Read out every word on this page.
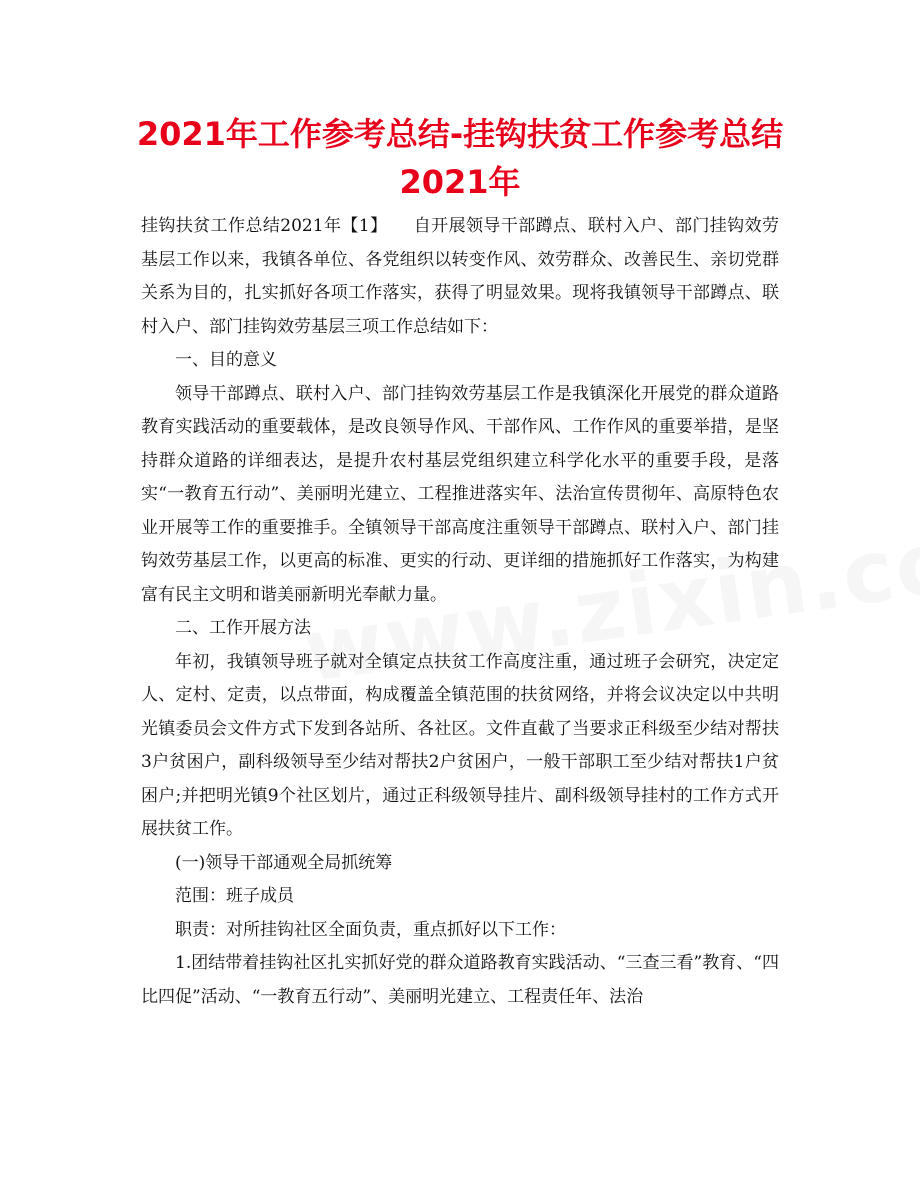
2021年工作参考总结-挂钩扶贫工作参考总结
2021年

挂钩扶贫工作总结2021年【1】　　自开展领导干部蹲点、联村入户、部门挂钩效劳基层工作以来，我镇各单位、各党组织以转变作风、效劳群众、改善民生、亲切党群关系为目的，扎实抓好各项工作落实，获得了明显效果。现将我镇领导干部蹲点、联村入户、部门挂钩效劳基层三项工作总结如下：

一、目的意义

领导干部蹲点、联村入户、部门挂钩效劳基层工作是我镇深化开展党的群众道路教育实践活动的重要载体，是改良领导作风、干部作风、工作作风的重要举措，是坚持群众道路的详细表达，是提升农村基层党组织建立科学化水平的重要手段，是落实“一教育五行动”、美丽明光建立、工程推进落实年、法治宣传贯彻年、高原特色农业开展等工作的重要推手。全镇领导干部高度注重领导干部蹲点、联村入户、部门挂钩效劳基层工作，以更高的标准、更实的行动、更详细的措施抓好工作落实，为构建富有民主文明和谐美丽新明光奉献力量。

二、工作开展方法

年初，我镇领导班子就对全镇定点扶贫工作高度注重，通过班子会研究，决定定人、定村、定责，以点带面，构成覆盖全镇范围的扶贫网络，并将会议决定以中共明光镇委员会文件方式下发到各站所、各社区。文件直截了当要求正科级至少结对帮扶3户贫困户，副科级领导至少结对帮扶2户贫困户，一般干部职工至少结对帮扶1户贫困户;并把明光镇9个社区划片，通过正科级领导挂片、副科级领导挂村的工作方式开展扶贫工作。

(一)领导干部通观全局抓统筹

范围：班子成员

职责：对所挂钩社区全面负责，重点抓好以下工作：

1.团结带着挂钩社区扎实抓好党的群众道路教育实践活动、“三查三看”教育、“四比四促”活动、“一教育五行动”、美丽明光建立、工程责任年、法治
